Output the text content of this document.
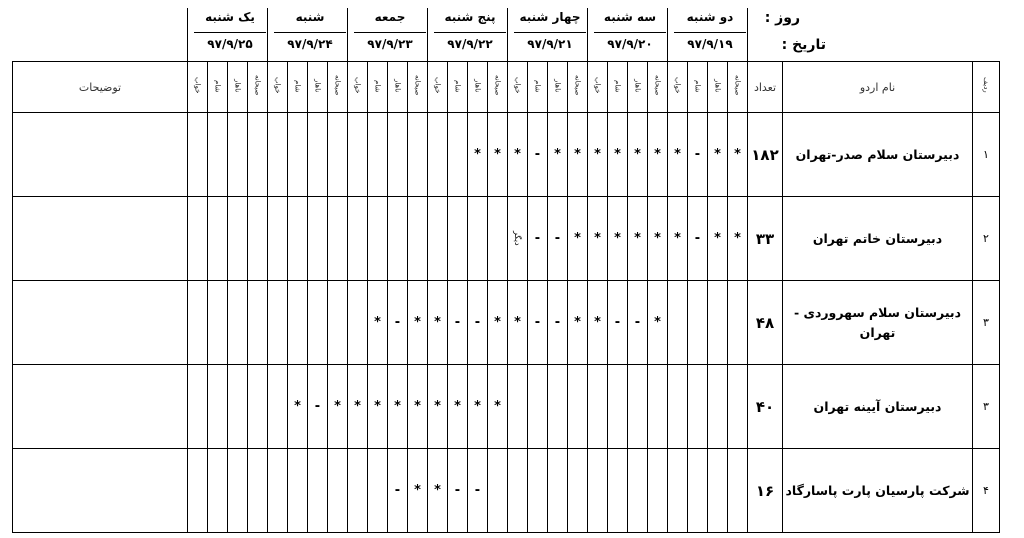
روز :
تاریخ :
یک شنبه
۹۷/۹/۲۵
شنبه
۹۷/۹/۲۴
جمعه
۹۷/۹/۲۳
پنج شنبه
۹۷/۹/۲۲
چهار شنبه
۹۷/۹/۲۱
سه شنبه
۹۷/۹/۲۰
دو شنبه
۹۷/۹/۱۹
توضیحات	خواب	شام	ناهار	صبحانه	خواب	شام	ناهار	صبحانه	خواب	شام	ناهار	صبحانه	خواب	شام	ناهار	صبحانه	خواب	شام	ناهار	صبحانه	خواب	شام	ناهار	صبحانه	خواب	شام	ناهار	صبحانه	تعداد	نام اردو	ردیف
															*	*	*	-	*	*	*	*	*	*	*	-	*	*	۱۸۲	دبیرستان سلام صدر-تهران	۱
																	دیگر	-	-	*	*	*	*	*	*	-	*	*	۳۳	دبیرستان خاتم تهران	۲
										*	-	*	*	-	-	*	*	-	-	*	*	-	-	*					۴۸	دبیرستان سلام سهروردی - تهران	۳
						*	-	*	*	*	*	*	*	*	*	*													۴۰	دبیرستان آیینه تهران	۳
											-	*	*	-	-														۱۶	شرکت پارسیان پارت پاسارگاد	۴
